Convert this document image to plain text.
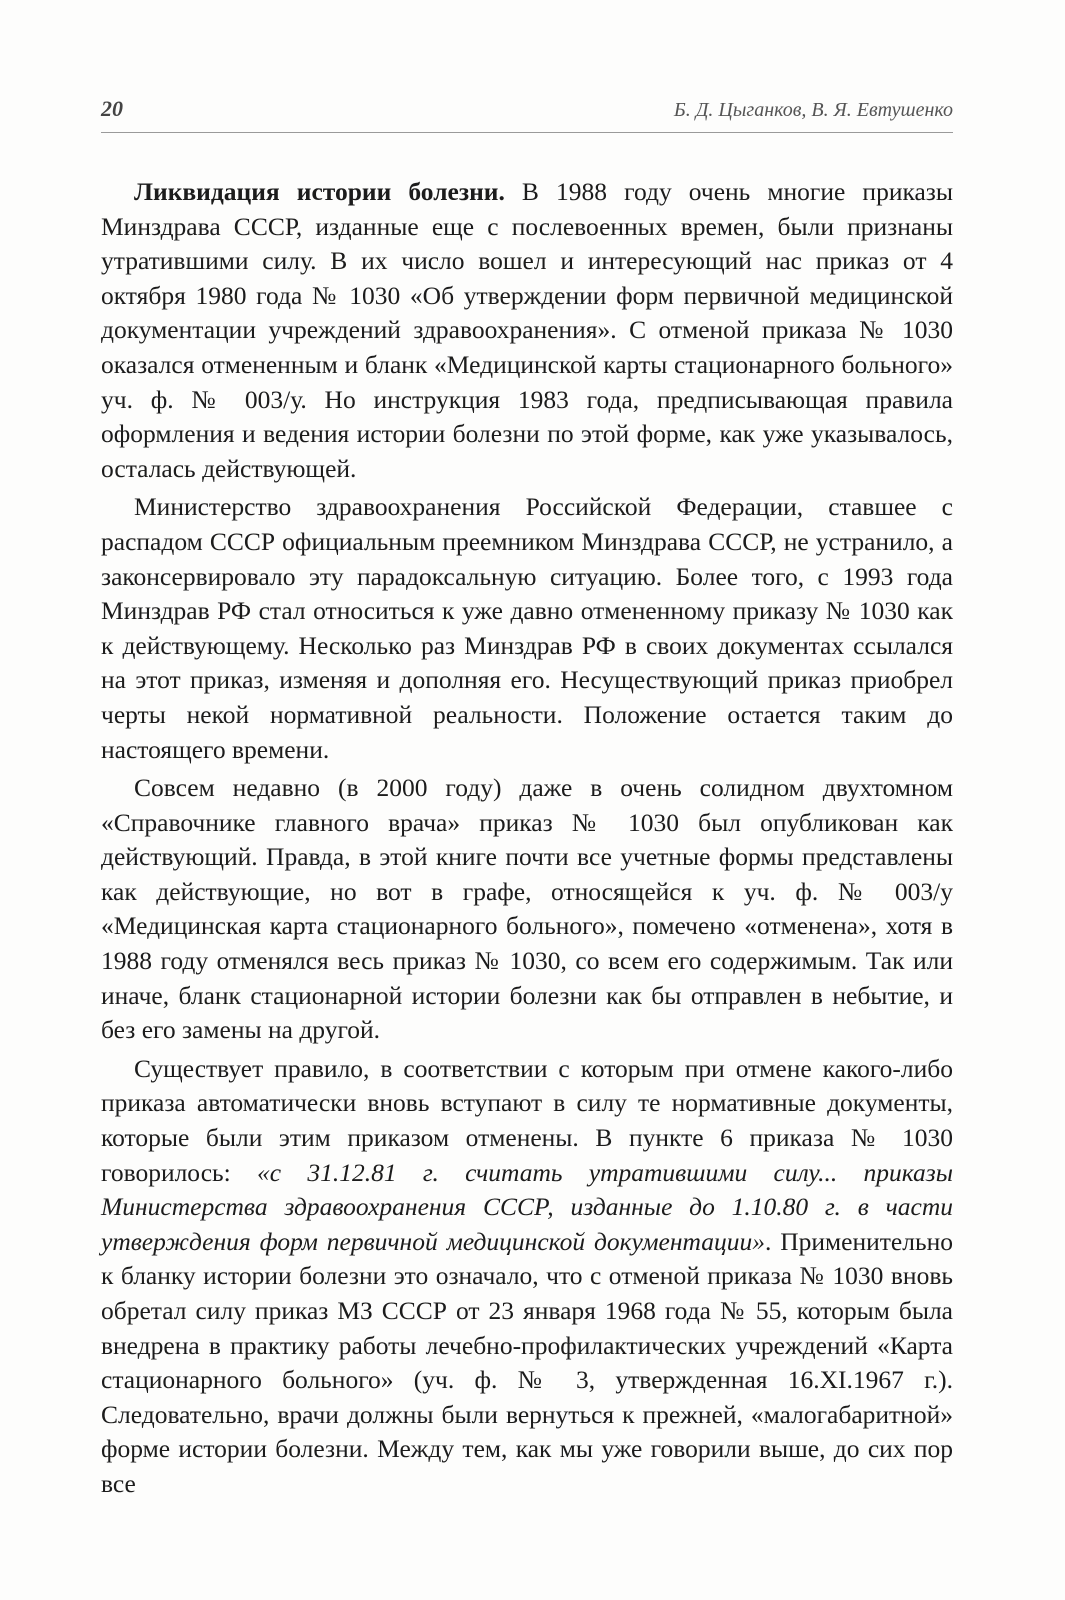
20	Б. Д. Цыганков, В. Я. Евтушенко

Ликвидация истории болезни. В 1988 году очень многие приказы Минздрава СССР, изданные еще с послевоенных времен, были признаны утратившими силу. В их число вошел и интересующий нас приказ от 4 октября 1980 года № 1030 «Об утверждении форм первичной медицинской документации учреждений здравоохранения». С отменой приказа № 1030 оказался отмененным и бланк «Медицинской карты стационарного больного» уч. ф. № 003/у. Но инструкция 1983 года, предписывающая правила оформления и ведения истории болезни по этой форме, как уже указывалось, осталась действующей.

Министерство здравоохранения Российской Федерации, ставшее с распадом СССР официальным преемником Минздрава СССР, не устранило, а законсервировало эту парадоксальную ситуацию. Более того, с 1993 года Минздрав РФ стал относиться к уже давно отмененному приказу № 1030 как к действующему. Несколько раз Минздрав РФ в своих документах ссылался на этот приказ, изменяя и дополняя его. Несуществующий приказ приобрел черты некой нормативной реальности. Положение остается таким до настоящего времени.

Совсем недавно (в 2000 году) даже в очень солидном двухтомном «Справочнике главного врача» приказ № 1030 был опубликован как действующий. Правда, в этой книге почти все учетные формы представлены как действующие, но вот в графе, относящейся к уч. ф. № 003/у «Медицинская карта стационарного больного», помечено «отменена», хотя в 1988 году отменялся весь приказ № 1030, со всем его содержимым. Так или иначе, бланк стационарной истории болезни как бы отправлен в небытие, и без его замены на другой.

Существует правило, в соответствии с которым при отмене какого-либо приказа автоматически вновь вступают в силу те нормативные документы, которые были этим приказом отменены. В пункте 6 приказа № 1030 говорилось: «с 31.12.81 г. считать утратившими силу... приказы Министерства здравоохранения СССР, изданные до 1.10.80 г. в части утверждения форм первичной медицинской документации». Применительно к бланку истории болезни это означало, что с отменой приказа № 1030 вновь обретал силу приказ МЗ СССР от 23 января 1968 года № 55, которым была внедрена в практику работы лечебно-профилактических учреждений «Карта стационарного больного» (уч. ф. № 3, утвержденная 16.XI.1967 г.). Следовательно, врачи должны были вернуться к прежней, «малогабаритной» форме истории болезни. Между тем, как мы уже говорили выше, до сих пор все
